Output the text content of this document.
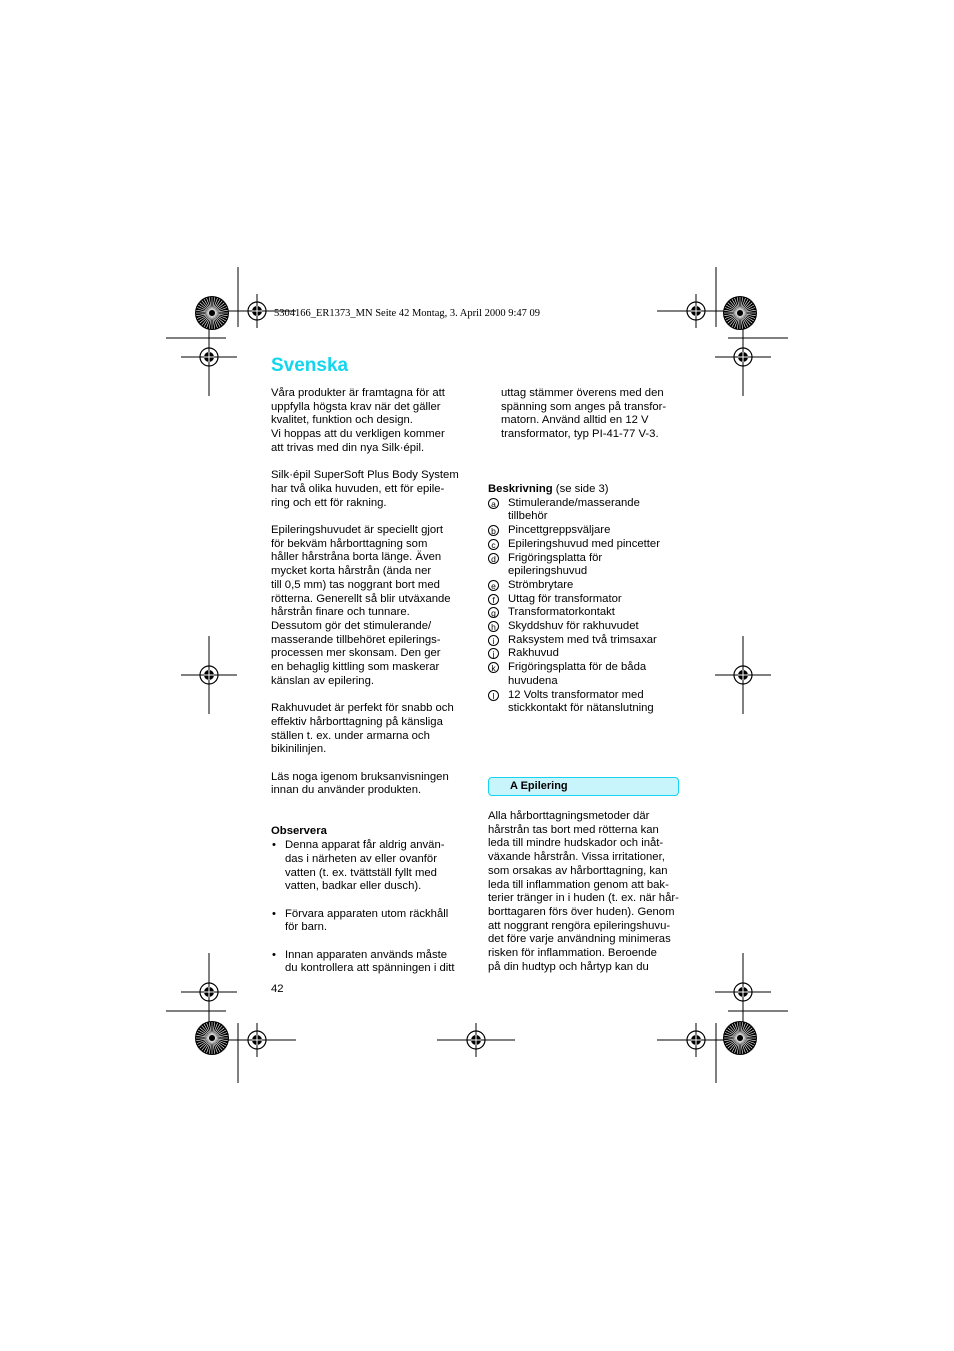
5304166_ER1373_MN Seite 42 Montag, 3. April 2000 9:47 09
Svenska

Våra produkter är framtagna för att

uppfylla högsta krav när det gäller

kvalitet, funktion och design.

Vi hoppas att du verkligen kommer

att trivas med din nya Silk·épil.

Silk·épil SuperSoft Plus Body System

har två olika huvuden, ett för epile-

ring och ett för rakning.

Epileringshuvudet är speciellt gjort

för bekväm hårborttagning som

håller hårstråna borta länge. Även

mycket korta hårstrån (ända ner

till 0,5 mm) tas noggrant bort med

rötterna. Generellt så blir utväxande

hårstrån finare och tunnare.

Dessutom gör det stimulerande/

masserande tillbehöret epilerings-

processen mer skonsam. Den ger

en behaglig kittling som maskerar

känslan av epilering.

Rakhuvudet är perfekt för snabb och

effektiv hårborttagning på känsliga

ställen t. ex. under armarna och

bikinilinjen.

Läs noga igenom bruksanvisningen

innan du använder produkten.

Observera

• Denna apparat får aldrig använ-

das i närheten av eller ovanför

vatten (t. ex. tvättställ fyllt med

vatten, badkar eller dusch).

• Förvara apparaten utom räckhåll

för barn.

• Innan apparaten används måste

du kontrollera att spänningen i ditt

uttag stämmer överens med den

spänning som anges på transfor-

matorn. Använd alltid en 12 V

transformator, typ PI-41-77 V-3.

Beskrivning (se side 3)

a Stimulerande/masserande

tillbehör

b Pincettgreppsväljare

c Epileringshuvud med pincetter

d Frigöringsplatta för

epileringshuvud

e Strömbrytare

f	Uttag för transformator

g Transformatorkontakt

h Skyddshuv för rakhuvudet

i	Raksystem med två trimsaxar

j	Rakhuvud

k Frigöringsplatta för de båda

huvudena

l	12 Volts transformator med

stickkontakt för nätanslutning

A Epilering

Alla hårborttagningsmetoder där

hårstrån tas bort med rötterna kan

leda till mindre hudskador och inåt-

växande hårstrån. Vissa irritationer,

som orsakas av hårborttagning, kan

leda till inflammation genom att bak-

terier tränger in i huden (t. ex. när hår-

borttagaren förs över huden). Genom

att noggrant rengöra epileringshuvu-

det före varje användning minimeras

risken för inflammation. Beroende

på din hudtyp och hårtyp kan du

42
